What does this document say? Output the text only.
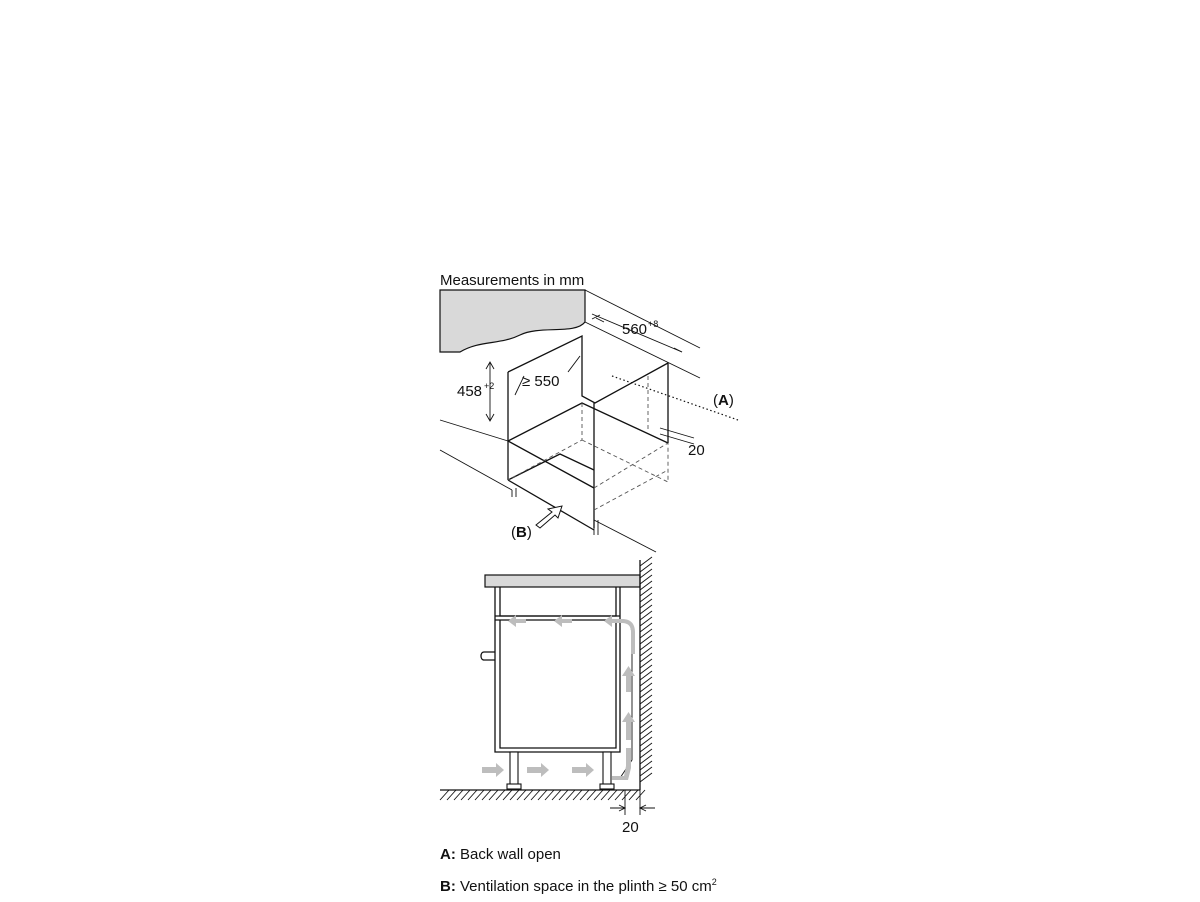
Measurements in mm
560 +8
458 +2 ≥ 550
20
(A)
(B)
20
A: Back wall open
B: Ventilation space in the plinth ≥ 50 $cm^2$
